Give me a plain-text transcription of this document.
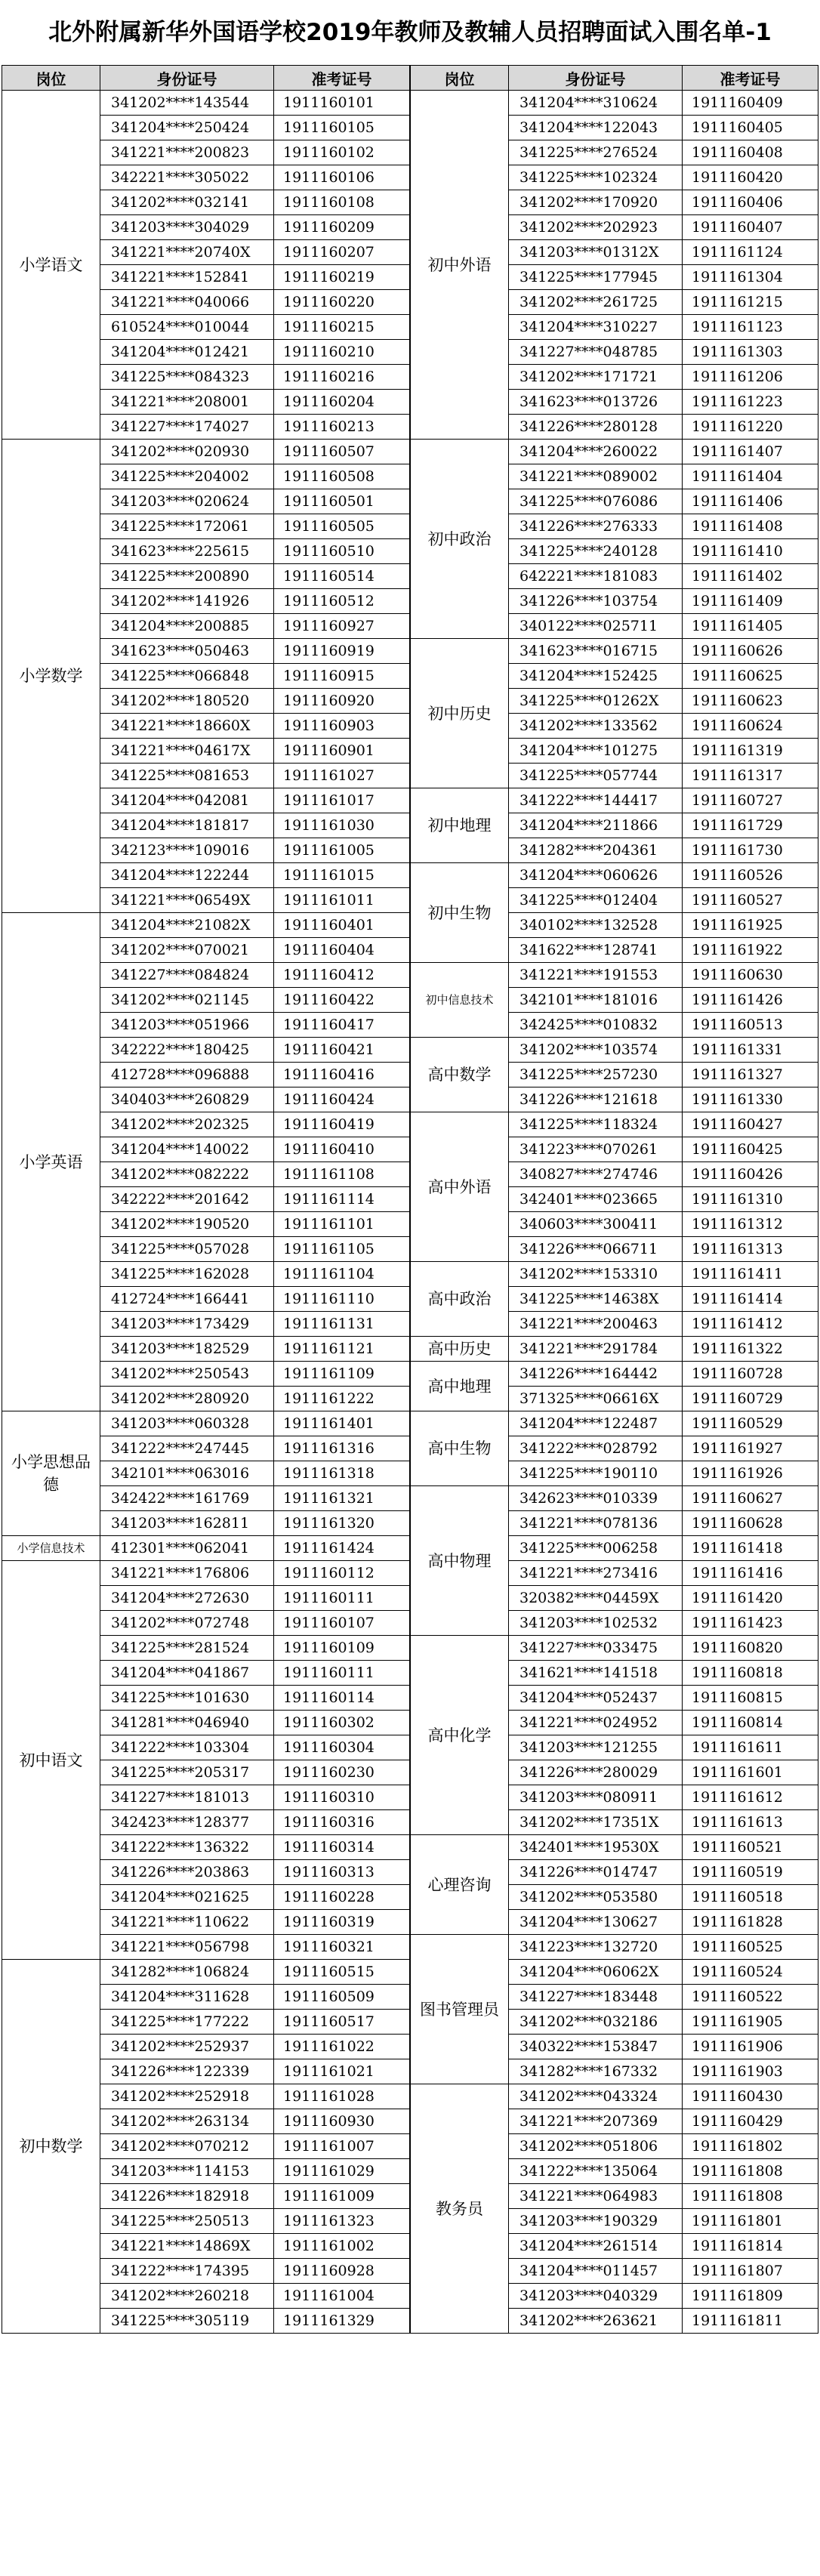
北外附属新华外国语学校2019年教师及教辅人员招聘面试入围名单-1
岗位	身份证号	准考证号
小学语文	341202****143544	1911160101
	341204****250424	1911160105
	341221****200823	1911160102
	342221****305022	1911160106
	341202****032141	1911160108
	341203****304029	1911160209
	341221****20740X	1911160207
	341221****152841	1911160219
	341221****040066	1911160220
	610524****010044	1911160215
	341204****012421	1911160210
	341225****084323	1911160216
	341221****208001	1911160204
	341227****174027	1911160213
小学数学	341202****020930	1911160507
	341225****204002	1911160508
	341203****020624	1911160501
	341225****172061	1911160505
	341623****225615	1911160510
	341225****200890	1911160514
	341202****141926	1911160512
	341204****200885	1911160927
	341623****050463	1911160919
	341225****066848	1911160915
	341202****180520	1911160920
	341221****18660X	1911160903
	341221****04617X	1911160901
	341225****081653	1911161027
	341204****042081	1911161017
	341204****181817	1911161030
	342123****109016	1911161005
	341204****122244	1911161015
	341221****06549X	1911161011
小学英语	341204****21082X	1911160401
	341202****070021	1911160404
	341227****084824	1911160412
	341202****021145	1911160422
	341203****051966	1911160417
	342222****180425	1911160421
	412728****096888	1911160416
	340403****260829	1911160424
	341202****202325	1911160419
	341204****140022	1911160410
	341202****082222	1911161108
	342222****201642	1911161114
	341202****190520	1911161101
	341225****057028	1911161105
	341225****162028	1911161104
	412724****166441	1911161110
	341203****173429	1911161131
	341203****182529	1911161121
	341202****250543	1911161109
	341202****280920	1911161222
小学思想品德	341203****060328	1911161401
	341222****247445	1911161316
	342101****063016	1911161318
	342422****161769	1911161321
	341203****162811	1911161320
小学信息技术	412301****062041	1911161424
初中语文	341221****176806	1911160112
	341204****272630	1911160111
	341202****072748	1911160107
	341225****281524	1911160109
	341204****041867	1911160111
	341225****101630	1911160114
	341281****046940	1911160302
	341222****103304	1911160304
	341225****205317	1911160230
	341227****181013	1911160310
	342423****128377	1911160316
	341222****136322	1911160314
	341226****203863	1911160313
	341204****021625	1911160228
	341221****110622	1911160319
	341221****056798	1911160321
初中数学	341282****106824	1911160515
	341204****311628	1911160509
	341225****177222	1911160517
	341202****252937	1911161022
	341226****122339	1911161021
	341202****252918	1911161028
	341202****263134	1911160930
	341202****070212	1911161007
	341203****114153	1911161029
	341226****182918	1911161009
	341225****250513	1911161323
	341221****14869X	1911161002
	341222****174395	1911160928
	341202****260218	1911161004
	341225****305119	1911161329
岗位	身份证号	准考证号
初中外语	341204****310624	1911160409
	341204****122043	1911160405
	341225****276524	1911160408
	341225****102324	1911160420
	341202****170920	1911160406
	341202****202923	1911160407
	341203****01312X	1911161124
	341225****177945	1911161304
	341202****261725	1911161215
	341204****310227	1911161123
	341227****048785	1911161303
	341202****171721	1911161206
	341623****013726	1911161223
	341226****280128	1911161220
初中政治	341204****260022	1911161407
	341221****089002	1911161404
	341225****076086	1911161406
	341226****276333	1911161408
	341225****240128	1911161410
	642221****181083	1911161402
	341226****103754	1911161409
	340122****025711	1911161405
初中历史	341623****016715	1911160626
	341204****152425	1911160625
	341225****01262X	1911160623
	341202****133562	1911160624
	341204****101275	1911161319
	341225****057744	1911161317
初中地理	341222****144417	1911160727
	341204****211866	1911161729
	341282****204361	1911161730
初中生物	341204****060626	1911160526
	341225****012404	1911160527
	340102****132528	1911161925
	341622****128741	1911161922
初中信息技术	341221****191553	1911160630
	342101****181016	1911161426
	342425****010832	1911160513
高中数学	341202****103574	1911161331
	341225****257230	1911161327
	341226****121618	1911161330
高中外语	341225****118324	1911160427
	341223****070261	1911160425
	340827****274746	1911160426
	342401****023665	1911161310
	340603****300411	1911161312
	341226****066711	1911161313
高中政治	341202****153310	1911161411
	341225****14638X	1911161414
	341221****200463	1911161412
高中历史	341221****291784	1911161322
高中地理	341226****164442	1911160728
	371325****06616X	1911160729
高中生物	341204****122487	1911160529
	341222****028792	1911161927
	341225****190110	1911161926
高中物理	342623****010339	1911160627
	341221****078136	1911160628
	341225****006258	1911161418
	341221****273416	1911161416
	320382****04459X	1911161420
	341203****102532	1911161423
高中化学	341227****033475	1911160820
	341621****141518	1911160818
	341204****052437	1911160815
	341221****024952	1911160814
	341203****121255	1911161611
	341226****280029	1911161601
	341203****080911	1911161612
	341202****17351X	1911161613
心理咨询	342401****19530X	1911160521
	341226****014747	1911160519
	341202****053580	1911160518
	341204****130627	1911161828
图书管理员	341223****132720	1911160525
	341204****06062X	1911160524
	341227****183448	1911160522
	341202****032186	1911161905
	340322****153847	1911161906
	341282****167332	1911161903
教务员	341202****043324	1911160430
	341221****207369	1911160429
	341202****051806	1911161802
	341222****135064	1911161808
	341221****064983	1911161808
	341203****190329	1911161801
	341204****261514	1911161814
	341204****011457	1911161807
	341203****040329	1911161809
	341202****263621	1911161811
